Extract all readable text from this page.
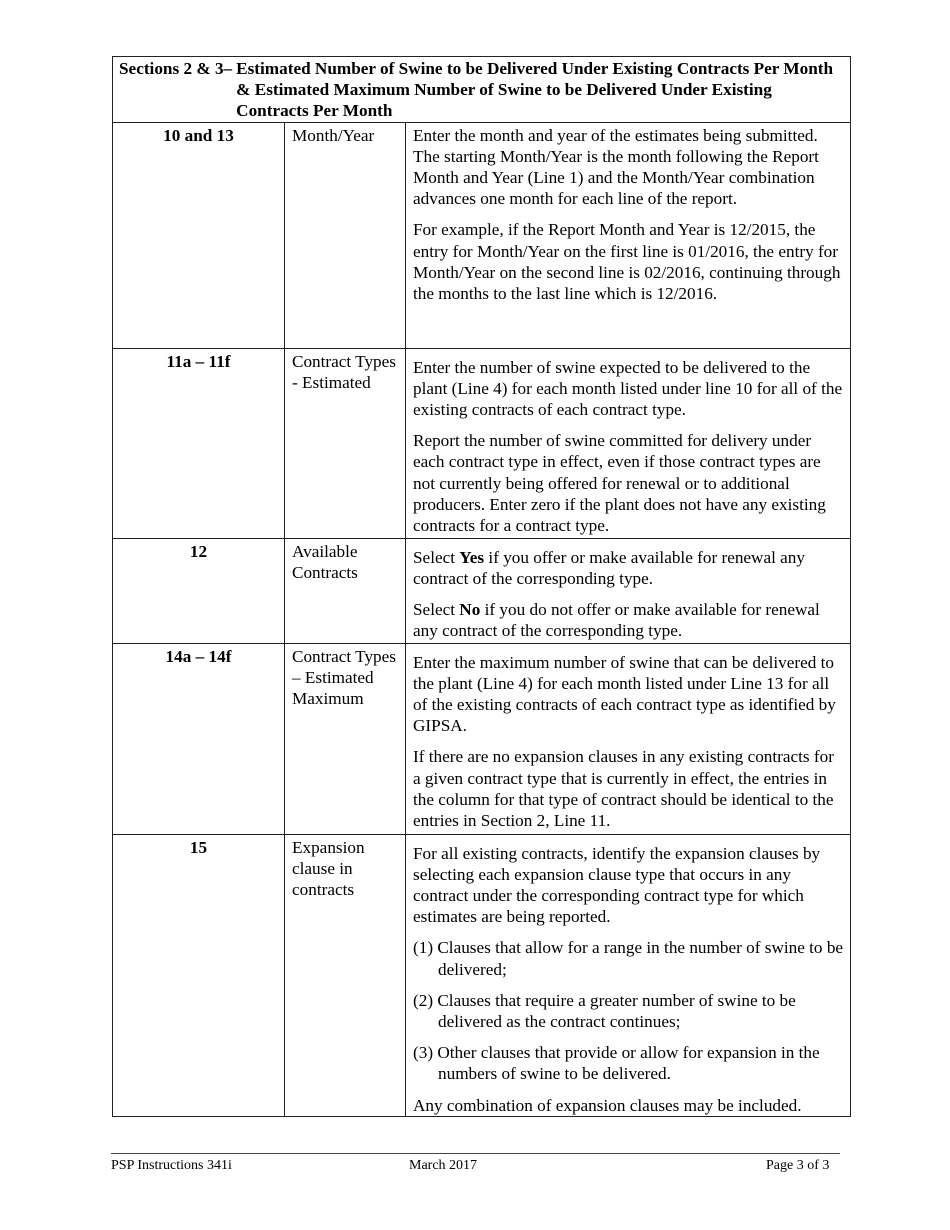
Sections 2 & 3– Estimated Number of Swine to be Delivered Under Existing Contracts Per Month & Estimated Maximum Number of Swine to be Delivered Under Existing Contracts Per Month		

10 and 13	Month/Year	Enter the month and year of the estimates being submitted. The starting Month/Year is the month following the Report Month and Year (Line 1) and the Month/Year combination advances one month for each line of the report.

For example, if the Report Month and Year is 12/2015, the entry for Month/Year on the first line is 01/2016, the entry for Month/Year on the second line is 02/2016, continuing through the months to the last line which is 12/2016.

11a – 11f	Contract Types - Estimated	Enter the number of swine expected to be delivered to the plant (Line 4) for each month listed under line 10 for all of the existing contracts of each contract type.

Report the number of swine committed for delivery under each contract type in effect, even if those contract types are not currently being offered for renewal or to additional producers. Enter zero if the plant does not have any existing contracts for a contract type.

12	Available Contracts	Select Yes if you offer or make available for renewal any contract of the corresponding type.

Select No if you do not offer or make available for renewal any contract of the corresponding type.

14a – 14f	Contract Types – Estimated Maximum	Enter the maximum number of swine that can be delivered to the plant (Line 4) for each month listed under Line 13 for all of the existing contracts of each contract type as identified by GIPSA.

If there are no expansion clauses in any existing contracts for a given contract type that is currently in effect, the entries in the column for that type of contract should be identical to the entries in Section 2, Line 11.

15	Expansion clause in contracts	For all existing contracts, identify the expansion clauses by selecting each expansion clause type that occurs in any contract under the corresponding contract type for which estimates are being reported.

(1) Clauses that allow for a range in the number of swine to be delivered;

(2) Clauses that require a greater number of swine to be delivered as the contract continues;

(3) Other clauses that provide or allow for expansion in the numbers of swine to be delivered.

Any combination of expansion clauses may be included.

PSP Instructions 341i	March 2017	Page 3 of 3
